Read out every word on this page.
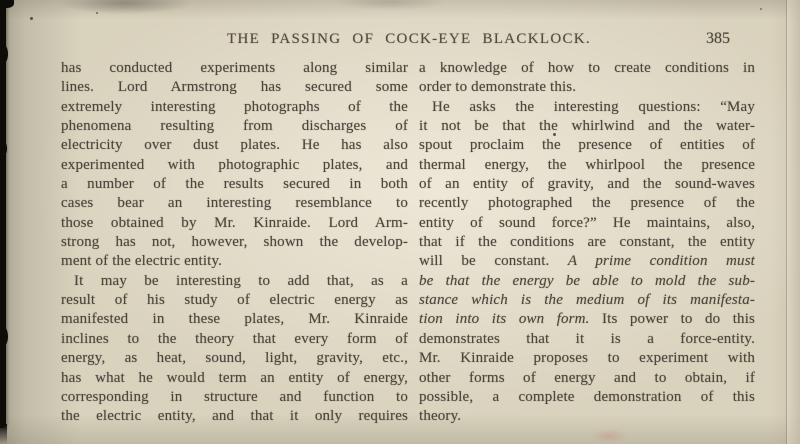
THE PASSING OF COCK-EYE BLACKLOCK.	385
has conducted experiments along similar
lines. Lord Armstrong has secured some
extremely interesting photographs of the
phenomena resulting from discharges of
electricity over dust plates. He has also
experimented with photographic plates, and
a number of the results secured in both
cases bear an interesting resemblance to
those obtained by Mr. Kinraide. Lord Arm-
strong has not, however, shown the develop-
ment of the electric entity.
It may be interesting to add that, as a
result of his study of electric energy as
manifested in these plates, Mr. Kinraide
inclines to the theory that every form of
energy, as heat, sound, light, gravity, etc.,
has what he would term an entity of energy,
corresponding in structure and function to
the electric entity, and that it only requires
a knowledge of how to create conditions in
order to demonstrate this.
He asks the interesting questions: “May
it not be that the whirlwind and the water-
spout proclaim the presence of entities of
thermal energy, the whirlpool the presence
of an entity of gravity, and the sound-waves
recently photographed the presence of the
entity of sound force?” He maintains, also,
that if the conditions are constant, the entity
will be constant. A prime condition must
be that the energy be able to mold the sub-
stance which is the medium of its manifesta-
tion into its own form. Its power to do this
demonstrates that it is a force-entity.
Mr. Kinraide proposes to experiment with
other forms of energy and to obtain, if
possible, a complete demonstration of this
theory.
